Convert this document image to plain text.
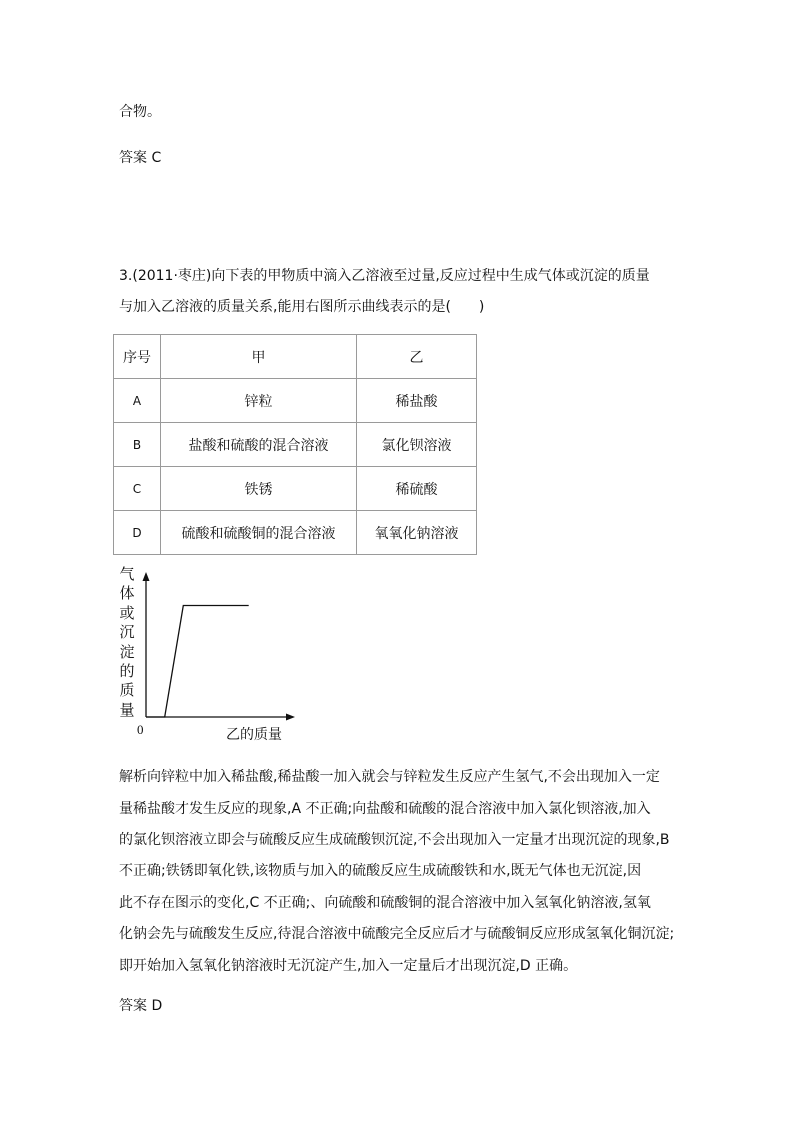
合物。
答案 C
3.(2011·枣庄)向下表的甲物质中滴入乙溶液至过量,反应过程中生成气体或沉淀的质量
与加入乙溶液的质量关系,能用右图所示曲线表示的是(　　)
序号	甲	乙
A	锌粒	稀盐酸
B	盐酸和硫酸的混合溶液	氯化钡溶液
C	铁锈	稀硫酸
D	硫酸和硫酸铜的混合溶液	氧氧化钠溶液
气体或沉淀的质量
0	乙的质量
解析向锌粒中加入稀盐酸,稀盐酸一加入就会与锌粒发生反应产生氢气,不会出现加入一定
量稀盐酸才发生反应的现象,A 不正确;向盐酸和硫酸的混合溶液中加入氯化钡溶液,加入
的氯化钡溶液立即会与硫酸反应生成硫酸钡沉淀,不会出现加入一定量才出现沉淀的现象,B
不正确;铁锈即氧化铁,该物质与加入的硫酸反应生成硫酸铁和水,既无气体也无沉淀,因
此不存在图示的变化,C 不正确;、向硫酸和硫酸铜的混合溶液中加入氢氧化钠溶液,氢氧
化钠会先与硫酸发生反应,待混合溶液中硫酸完全反应后才与硫酸铜反应形成氢氧化铜沉淀;
即开始加入氢氧化钠溶液时无沉淀产生,加入一定量后才出现沉淀,D 正确。
答案 D
